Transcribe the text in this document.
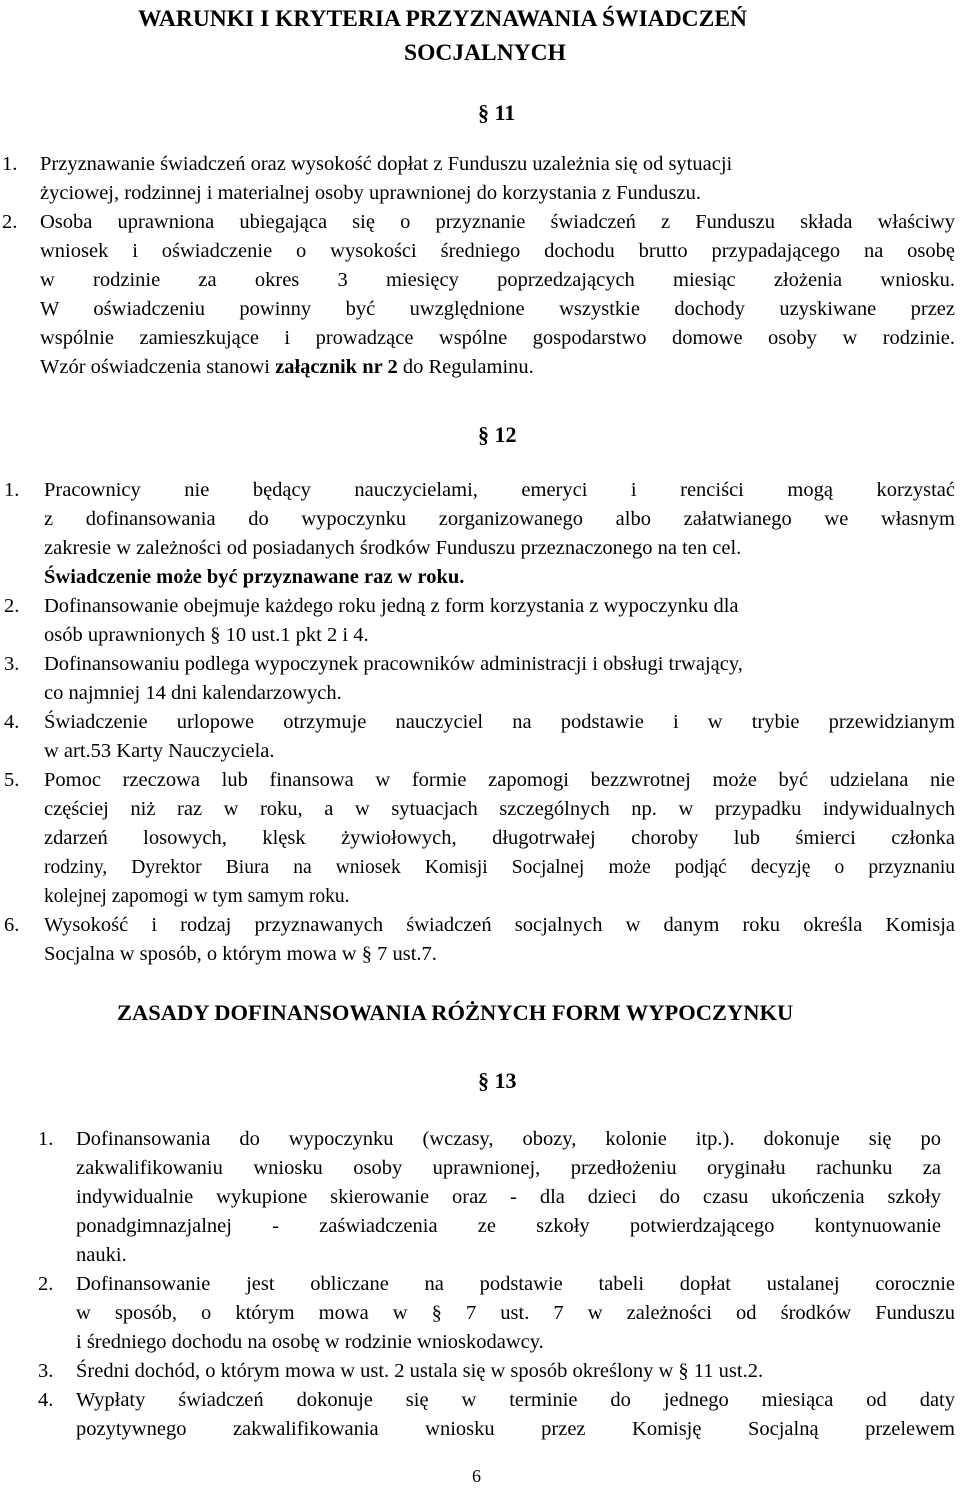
WARUNKI I KRYTERIA PRZYZNAWANIA ŚWIADCZEŃ
SOCJALNYCH
§ 11
1. Przyznawanie świadczeń oraz wysokość dopłat z Funduszu uzależnia się od sytuacji
życiowej, rodzinnej i materialnej osoby uprawnionej do korzystania z Funduszu.
2. Osoba uprawniona ubiegająca się o przyznanie świadczeń z Funduszu składa właściwy
wniosek i oświadczenie o wysokości średniego dochodu brutto przypadającego na osobę
w rodzinie za okres 3 miesięcy poprzedzających miesiąc złożenia wniosku.
W oświadczeniu powinny być uwzględnione wszystkie dochody uzyskiwane przez
wspólnie zamieszkujące i prowadzące wspólne gospodarstwo domowe osoby w rodzinie.
Wzór oświadczenia stanowi załącznik nr 2 do Regulaminu.
§ 12
1. Pracownicy nie będący nauczycielami, emeryci i renciści mogą korzystać
z dofinansowania do wypoczynku zorganizowanego albo załatwianego we własnym
zakresie w zależności od posiadanych środków Funduszu przeznaczonego na ten cel.
Świadczenie może być przyznawane raz w roku.
2. Dofinansowanie obejmuje każdego roku jedną z form korzystania z wypoczynku dla
osób uprawnionych § 10 ust.1 pkt 2 i 4.
3. Dofinansowaniu podlega wypoczynek pracowników administracji i obsługi trwający,
co najmniej 14 dni kalendarzowych.
4. Świadczenie urlopowe otrzymuje nauczyciel na podstawie i w trybie przewidzianym
w art.53 Karty Nauczyciela.
5. Pomoc rzeczowa lub finansowa w formie zapomogi bezzwrotnej może być udzielana nie
częściej niż raz w roku, a w sytuacjach szczególnych np. w przypadku indywidualnych
zdarzeń losowych, klęsk żywiołowych, długotrwałej choroby lub śmierci członka
rodziny, Dyrektor Biura na wniosek Komisji Socjalnej może podjąć decyzję o przyznaniu
kolejnej zapomogi w tym samym roku.
6. Wysokość i rodzaj przyznawanych świadczeń socjalnych w danym roku określa Komisja
Socjalna w sposób, o którym mowa w § 7 ust.7.
ZASADY DOFINANSOWANIA RÓŻNYCH FORM WYPOCZYNKU
§ 13
1. Dofinansowania do wypoczynku (wczasy, obozy, kolonie itp.). dokonuje się po
zakwalifikowaniu wniosku osoby uprawnionej, przedłożeniu oryginału rachunku za
indywidualnie wykupione skierowanie oraz - dla dzieci do czasu ukończenia szkoły
ponadgimnazjalnej - zaświadczenia ze szkoły potwierdzającego kontynuowanie
nauki.
2. Dofinansowanie jest obliczane na podstawie tabeli dopłat ustalanej corocznie
w sposób, o którym mowa w § 7 ust. 7 w zależności od środków Funduszu
i średniego dochodu na osobę w rodzinie wnioskodawcy.
3. Średni dochód, o którym mowa w ust. 2 ustala się w sposób określony w § 11 ust.2.
4. Wypłaty świadczeń dokonuje się w terminie do jednego miesiąca od daty
pozytywnego zakwalifikowania wniosku przez Komisję Socjalną przelewem
6
